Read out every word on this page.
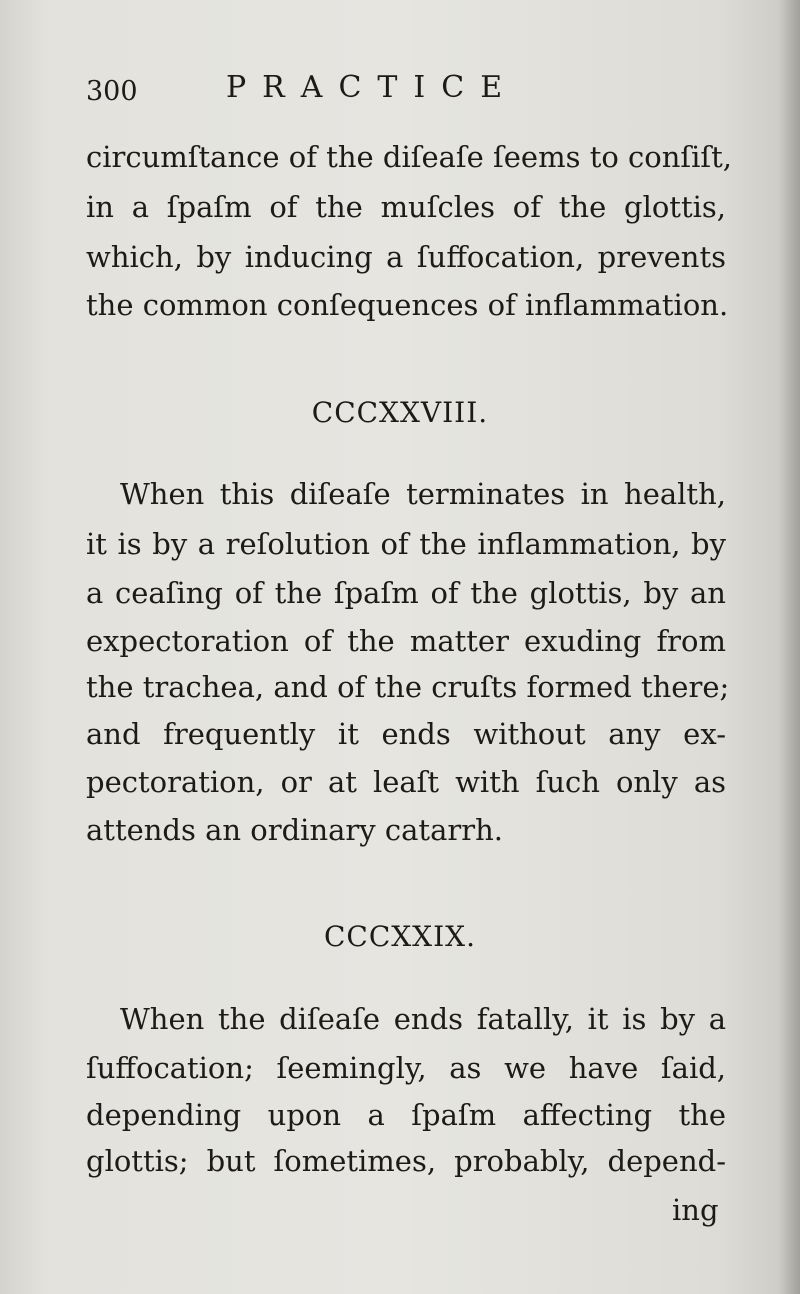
300	PRACTICE
circumſtance of the diſeaſe ſeems to conſiſt,
in a ſpaſm of the muſcles of the glottis,
which, by inducing a ſuffocation, prevents
the common conſequences of inflammation.
CCCXXVIII.
When this diſeaſe terminates in health,
it is by a reſolution of the inflammation, by
a ceaſing of the ſpaſm of the glottis, by an
expectoration of the matter exuding from
the trachea, and of the cruſts formed there;
and frequently it ends without any ex-
pectoration, or at leaſt with ſuch only as
attends an ordinary catarrh.
CCCXXIX.
When the diſeaſe ends fatally, it is by a
ſuffocation; ſeemingly, as we have ſaid,
depending upon a ſpaſm affecting the
glottis; but ſometimes, probably, depend-
ing
